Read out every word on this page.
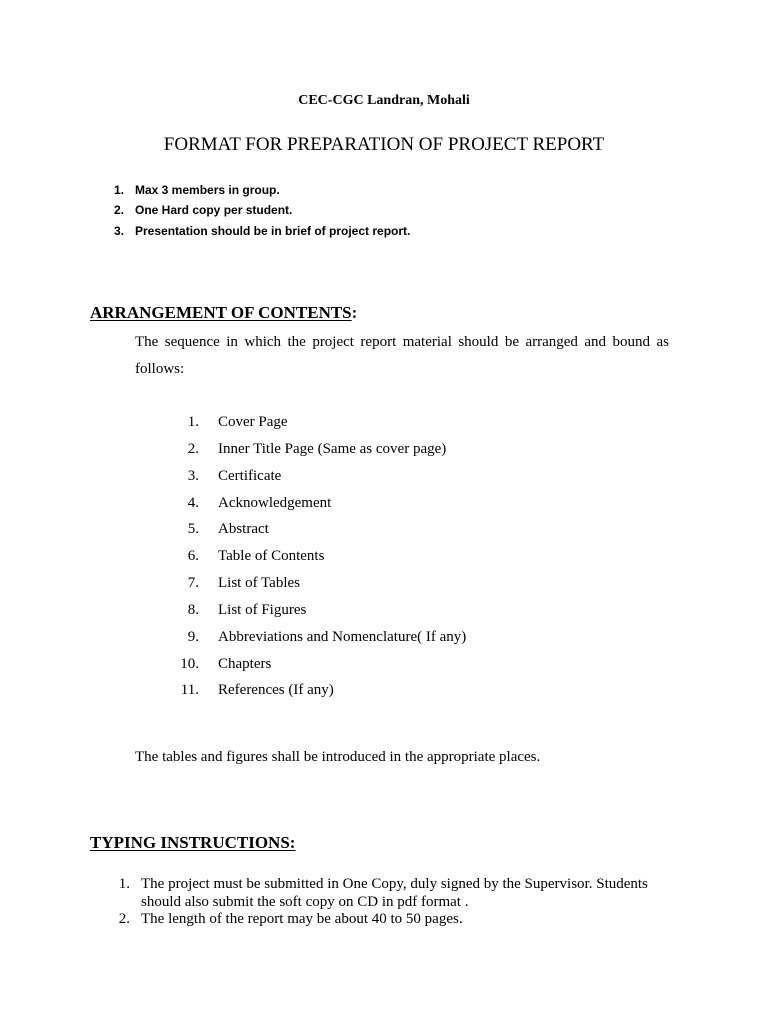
CEC-CGC Landran, Mohali
FORMAT FOR PREPARATION OF PROJECT REPORT
1. Max 3 members in group.
2. One Hard copy per student.
3. Presentation should be in brief of project report.
ARRANGEMENT OF CONTENTS:

The sequence in which the project report material should be arranged and bound as follows:

1. Cover Page
2. Inner Title Page (Same as cover page)
3. Certificate
4. Acknowledgement
5. Abstract
6. Table of Contents
7. List of Tables
8. List of Figures
9. Abbreviations and Nomenclature( If any)
10. Chapters
11. References (If any)

The tables and figures shall be introduced in the appropriate places.

TYPING INSTRUCTIONS:
1. The project must be submitted in One Copy, duly signed by the Supervisor. Students should also submit the soft copy on CD in pdf format .
2. The length of the report may be about 40 to 50 pages.
